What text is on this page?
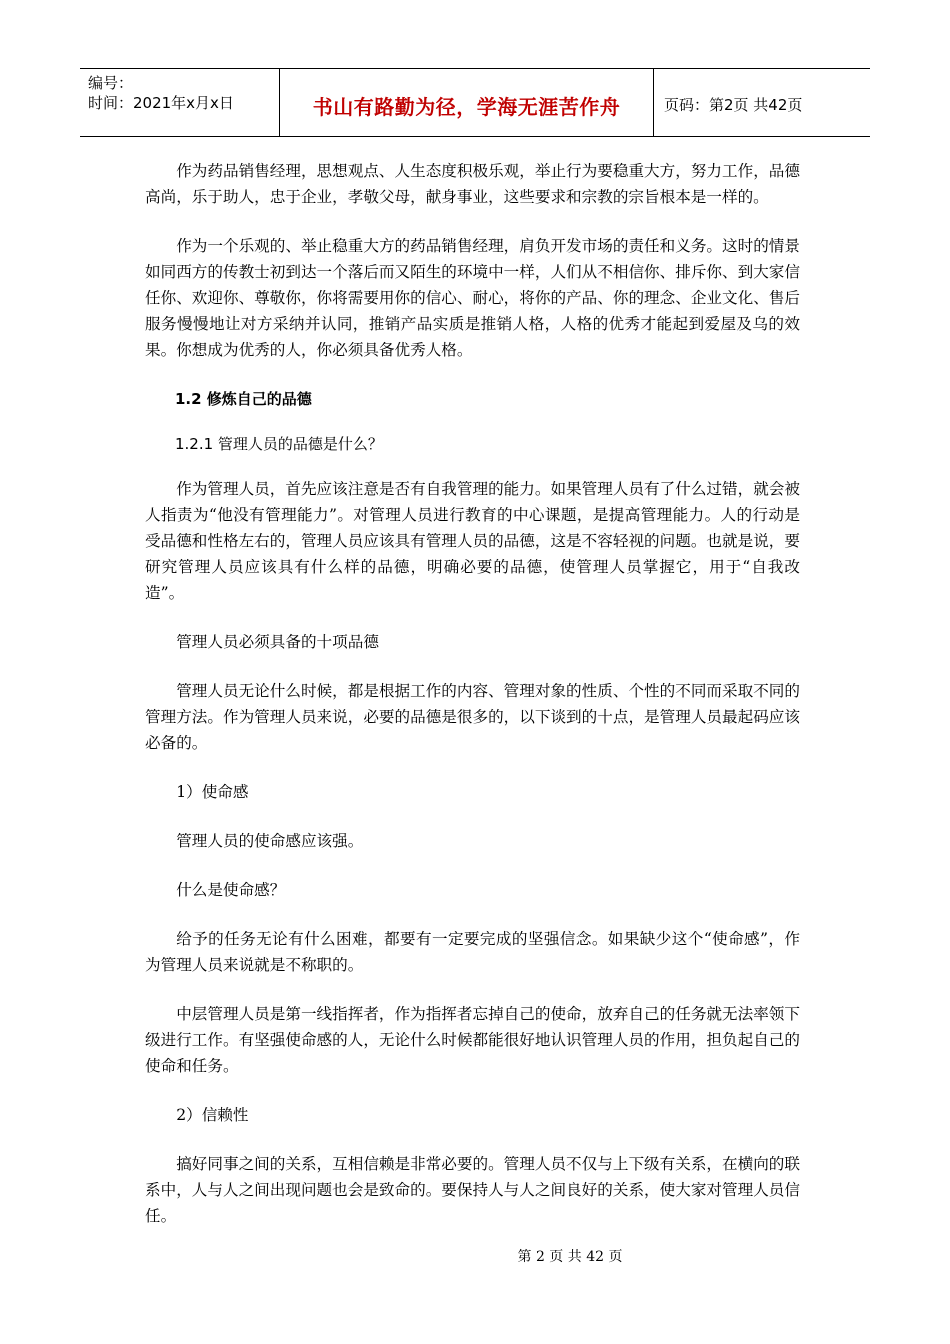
编号：
时间：2021年x月x日	书山有路勤为径，学海无涯苦作舟	页码：第2页 共42页

作为药品销售经理，思想观点、人生态度积极乐观，举止行为要稳重大方，努力工作，品德高尚，乐于助人，忠于企业，孝敬父母，献身事业，这些要求和宗教的宗旨根本是一样的。

作为一个乐观的、举止稳重大方的药品销售经理，肩负开发市场的责任和义务。这时的情景如同西方的传教士初到达一个落后而又陌生的环境中一样，人们从不相信你、排斥你、到大家信任你、欢迎你、尊敬你，你将需要用你的信心、耐心，将你的产品、你的理念、企业文化、售后服务慢慢地让对方采纳并认同，推销产品实质是推销人格，人格的优秀才能起到爱屋及乌的效果。你想成为优秀的人，你必须具备优秀人格。

1.2 修炼自己的品德

1.2.1 管理人员的品德是什么？

作为管理人员，首先应该注意是否有自我管理的能力。如果管理人员有了什么过错，就会被人指责为“他没有管理能力”。对管理人员进行教育的中心课题，是提高管理能力。人的行动是受品德和性格左右的，管理人员应该具有管理人员的品德，这是不容轻视的问题。也就是说，要研究管理人员应该具有什么样的品德，明确必要的品德，使管理人员掌握它，用于“自我改造”。

管理人员必须具备的十项品德

管理人员无论什么时候，都是根据工作的内容、管理对象的性质、个性的不同而采取不同的管理方法。作为管理人员来说，必要的品德是很多的，以下谈到的十点，是管理人员最起码应该必备的。

1）使命感

管理人员的使命感应该强。

什么是使命感？

给予的任务无论有什么困难，都要有一定要完成的坚强信念。如果缺少这个“使命感”，作为管理人员来说就是不称职的。

中层管理人员是第一线指挥者，作为指挥者忘掉自己的使命，放弃自己的任务就无法率领下级进行工作。有坚强使命感的人，无论什么时候都能很好地认识管理人员的作用，担负起自己的使命和任务。

2）信赖性

搞好同事之间的关系，互相信赖是非常必要的。管理人员不仅与上下级有关系，在横向的联系中，人与人之间出现问题也会是致命的。要保持人与人之间良好的关系，使大家对管理人员信任。

第 2 页 共 42 页
